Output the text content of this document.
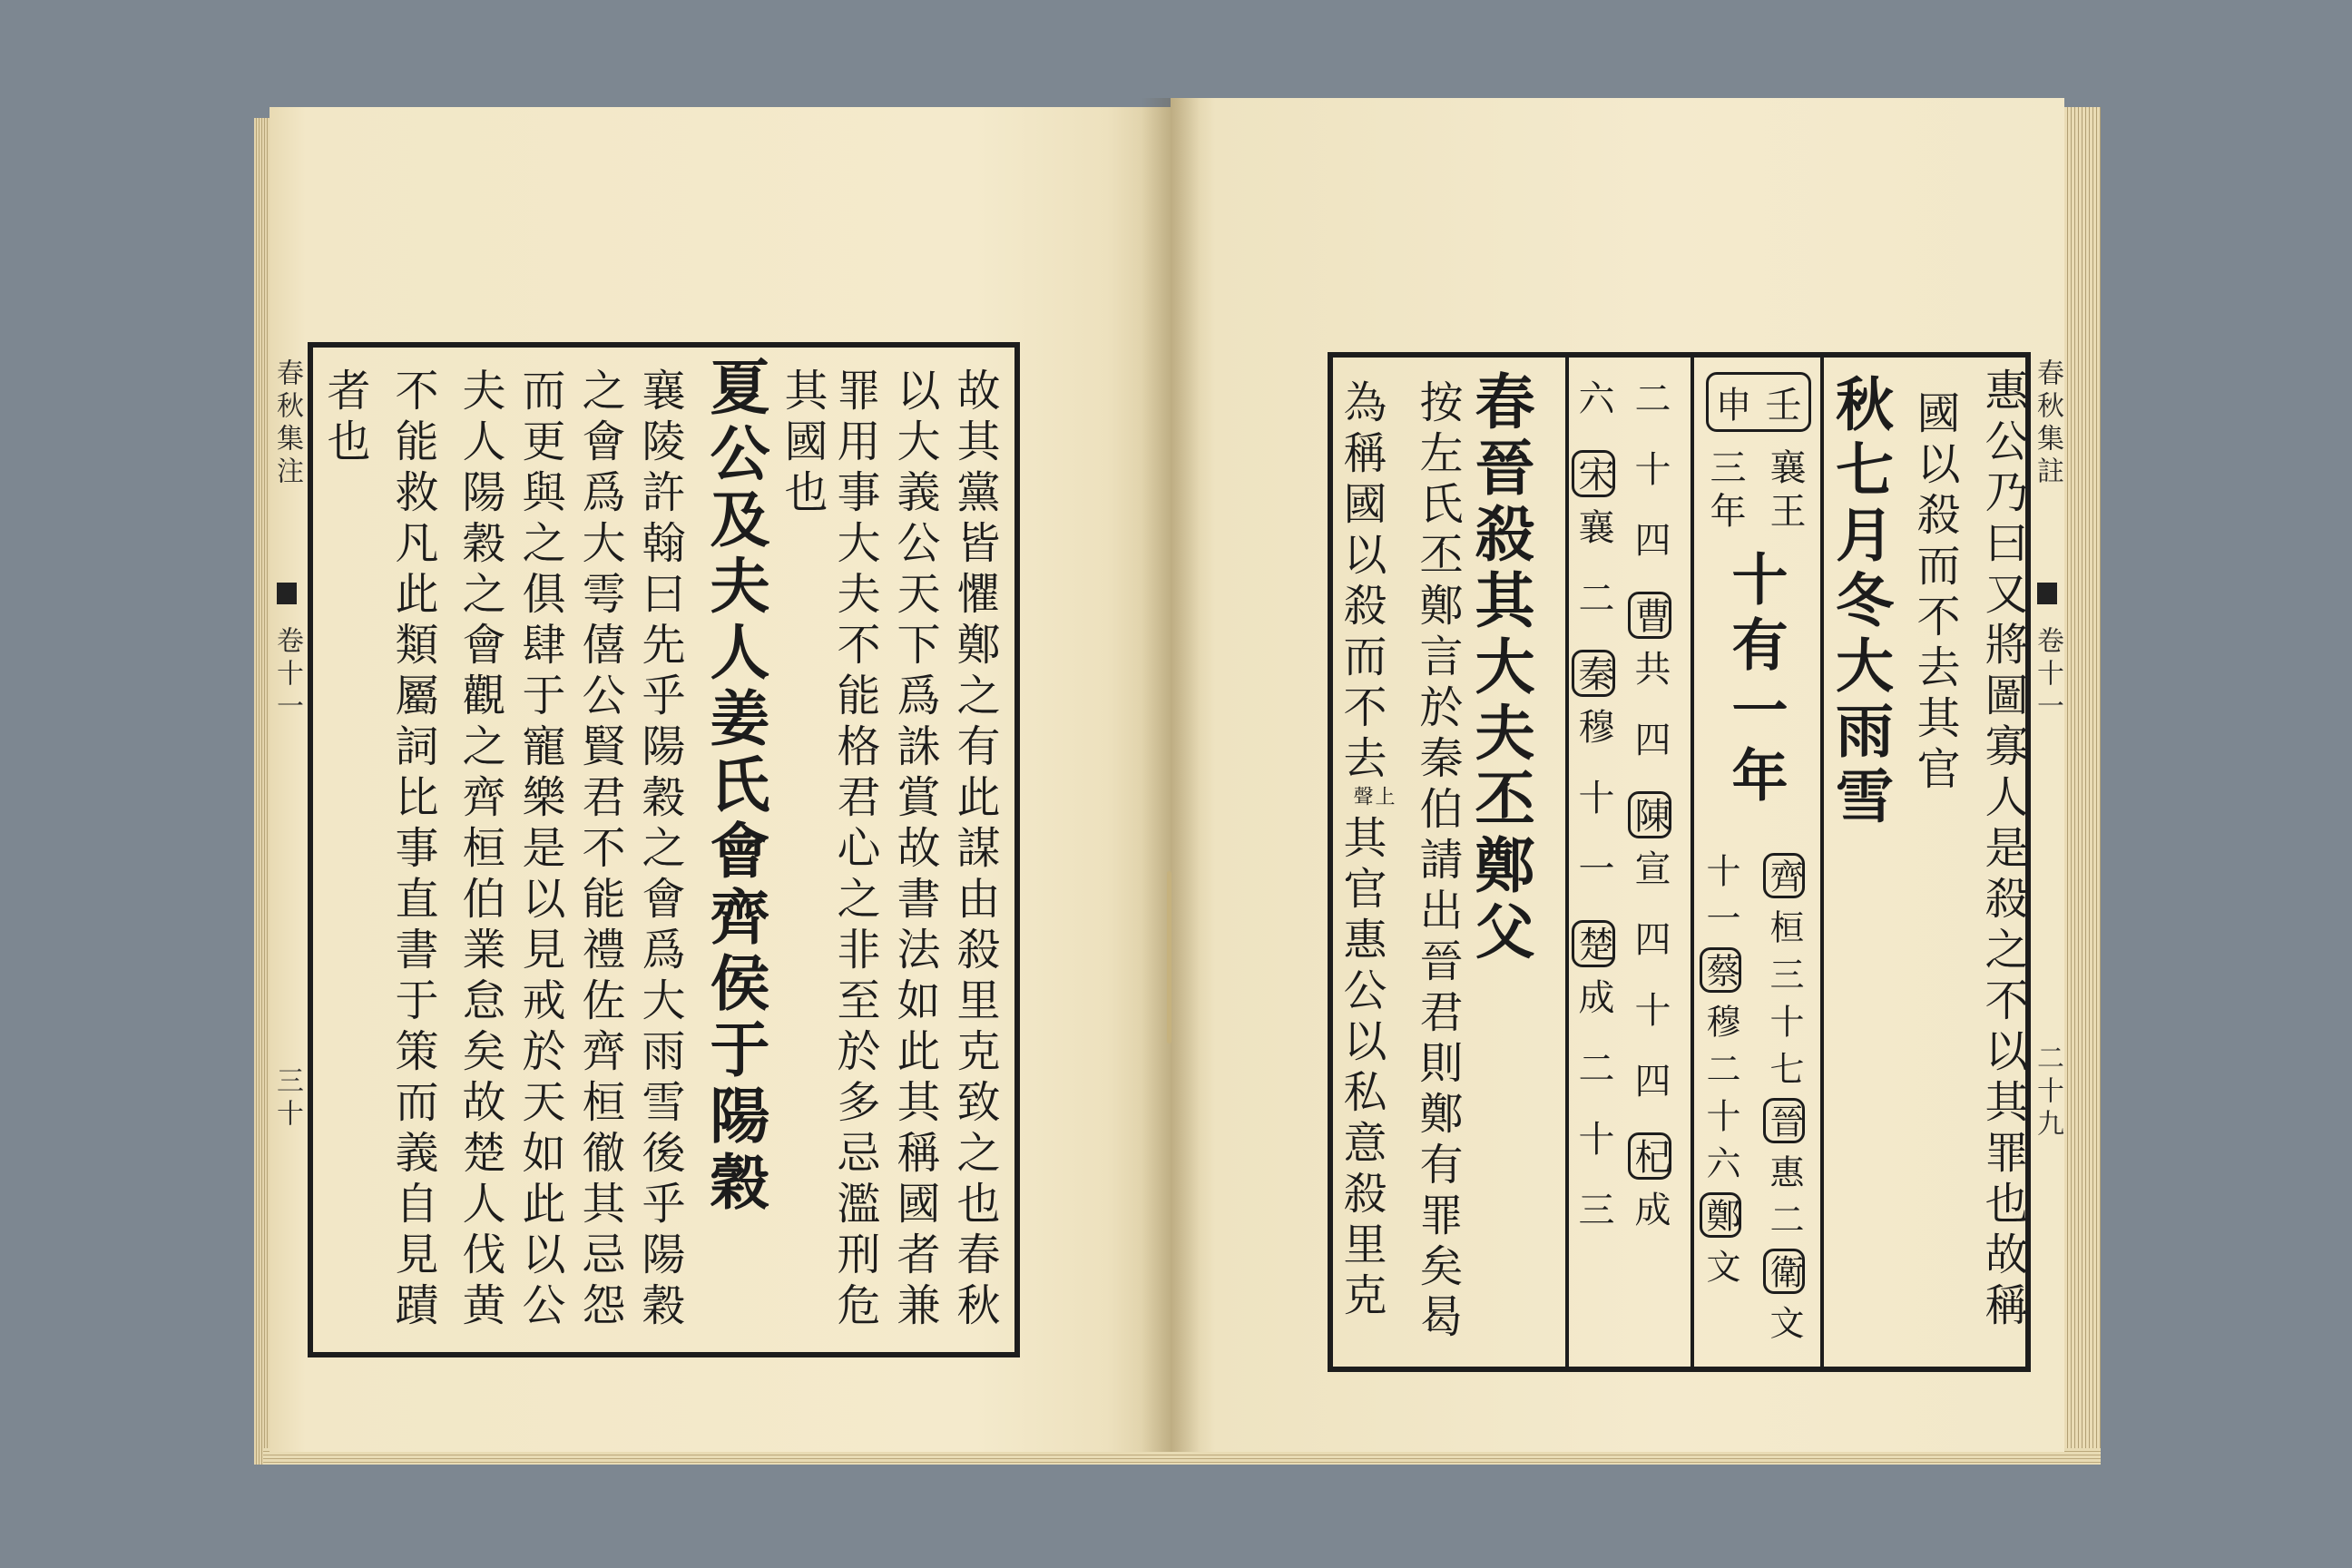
春秋集注
卷十一
三十	故其黨皆懼鄭之有此謀由殺里克致之也春秋
以大義公天下爲誅賞故書法如此其稱國者兼
罪用事大夫不能格君心之非至於多忌濫刑危
其國也
夏公及夫人姜氏會齊侯于陽穀
襄陵許翰曰先乎陽穀之會爲大雨雪後乎陽穀
之會爲大雩僖公賢君不能禮佐齊桓徹其忌怨
而更與之俱肆于寵樂是以見戒於天如此以公
夫人陽穀之會觀之齊桓伯業怠矣故楚人伐黄
不能救凡此類屬詞比事直書于策而義自見蹟
者也	春秋集註
卷十一
二十九
惠公乃曰又將圖寡人是殺之不以其罪也故稱
國以殺而不去其官
秋七月冬大雨雪
壬
申
襄王
三年
十有一年
齊桓三十七晉惠二衛文
十一蔡穆二十六鄭文
二十四曹共四陳宣四十四杞成
六宋襄二秦穆十一楚成二十三
春晉殺其大夫丕鄭父
按左氏丕鄭言於秦伯請出晉君則鄭有罪矣曷
為稱國以殺而不去上聲其官惠公以私意殺里克
